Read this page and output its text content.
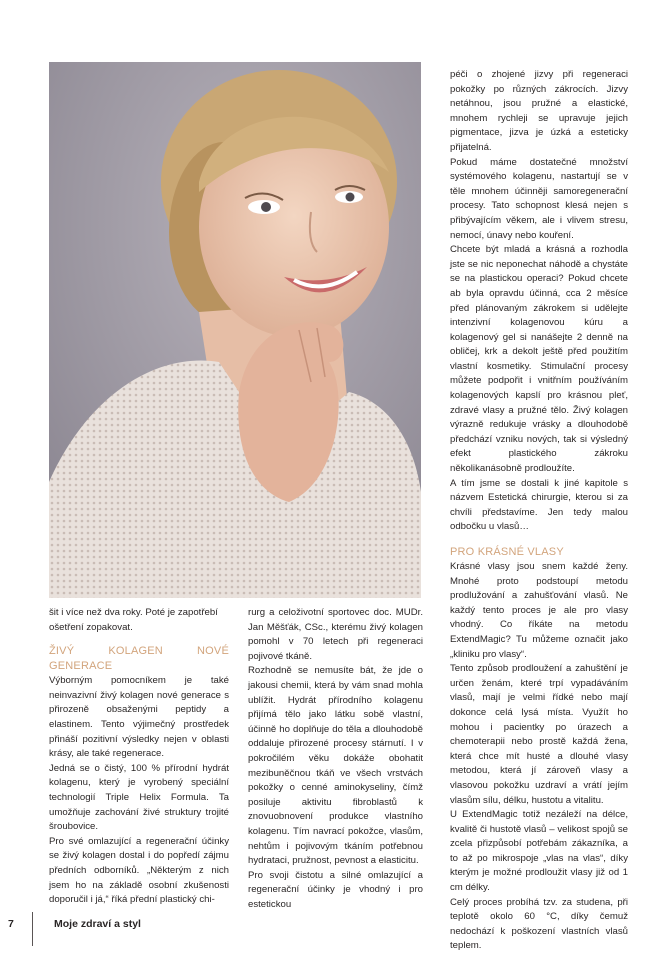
šit i více než dva roky. Poté je zapotřebí ošetření zopakovat.

ŽIVÝ KOLAGEN NOVÉ GENERACE

Výborným pomocníkem je také neinvazivní živý kolagen nové generace s přirozeně obsaženými peptidy a elastinem. Tento výjimečný prostředek přináší pozitivní výsledky nejen v oblasti krásy, ale také regenerace.

Jedná se o čistý, 100 % přírodní hydrát kolagenu, který je vyrobený speciální technologií Triple Helix Formula. Ta umožňuje zachování živé struktury trojité šroubovice.

Pro své omlazující a regenerační účinky se živý kolagen dostal i do popředí zájmu předních odborníků. „Některým z nich jsem ho na základě osobní zkušenosti doporučil i já,“ říká přední plastický chi-

rurg a celoživotní sportovec doc. MUDr. Jan Měšťák, CSc., kterému živý kolagen pomohl v 70 letech při regeneraci pojivové tkáně.

Rozhodně se nemusíte bát, že jde o jakousi chemii, která by vám snad mohla ublížit. Hydrát přírodního kolagenu přijímá tělo jako látku sobě vlastní, účinně ho doplňuje do těla a dlouhodobě oddaluje přirozené procesy stárnutí. I v pokročilém věku dokáže obohatit mezibuněčnou tkáň ve všech vrstvách pokožky o cenné aminokyseliny, čímž posiluje aktivitu fibroblastů k znovuobnovení produkce vlastního kolagenu. Tím navrací pokožce, vlasům, nehtům i pojivovým tkáním potřebnou hydrataci, pružnost, pevnost a elasticitu.

Pro svoji čistotu a silné omlazující a regenerační účinky je vhodný i pro estetickou

péči o zhojené jizvy při regeneraci pokožky po různých zákrocích. Jizvy netáhnou, jsou pružné a elastické, mnohem rychleji se upravuje jejich pigmentace, jizva je úzká a esteticky přijatelná.

Pokud máme dostatečné množství systémového kolagenu, nastartují se v těle mnohem účinněji samoregenerační procesy. Tato schopnost klesá nejen s přibývajícím věkem, ale i vlivem stresu, nemocí, únavy nebo kouření.

Chcete být mladá a krásná a rozhodla jste se nic neponechat náhodě a chystáte se na plastickou operaci? Pokud chcete ab byla opravdu účinná, cca 2 měsíce před plánovaným zákrokem si udělejte intenzivní kolagenovou kúru a kolagenový gel si nanášejte 2 denně na obličej, krk a dekolt ještě před použitím vlastní kosmetiky. Stimulační procesy můžete podpořit i vnitřním používáním kolagenových kapslí pro krásnou pleť, zdravé vlasy a pružné tělo. Živý kolagen výrazně redukuje vrásky a dlouhodobě předchází vzniku nových, tak si výsledný efekt plastického zákroku několikanásobně prodloužíte.

A tím jsme se dostali k jiné kapitole s názvem Estetická chirurgie, kterou si za chvíli představíme. Jen tedy malou odbočku u vlasů…

PRO KRÁSNÉ VLASY

Krásné vlasy jsou snem každé ženy. Mnohé proto podstoupí metodu prodlužování a zahušťování vlasů. Ne každý tento proces je ale pro vlasy vhodný. Co říkáte na metodu ExtendMagic? Tu můžeme označit jako „kliniku pro vlasy“.

Tento způsob prodloužení a zahuštění je určen ženám, které trpí vypadáváním vlasů, mají je velmi řídké nebo mají dokonce celá lysá místa. Využít ho mohou i pacientky po úrazech a chemoterapii nebo prostě každá žena, která chce mít husté a dlouhé vlasy metodou, která jí zároveň vlasy a vlasovou pokožku uzdraví a vrátí jejím vlasům sílu, délku, hustotu a vitalitu.

U ExtendMagic totiž nezáleží na délce, kvalitě či hustotě vlasů – velikost spojů se zcela přizpůsobí potřebám zákazníka, a to až po mikrospoje „vlas na vlas“, díky kterým je možné prodloužit vlasy již od 1 cm délky.

Celý proces probíhá tzv. za studena, při teplotě okolo 60 °C, díky čemuž nedochází k poškození vlastních vlasů teplem.

7	Moje zdraví a styl
